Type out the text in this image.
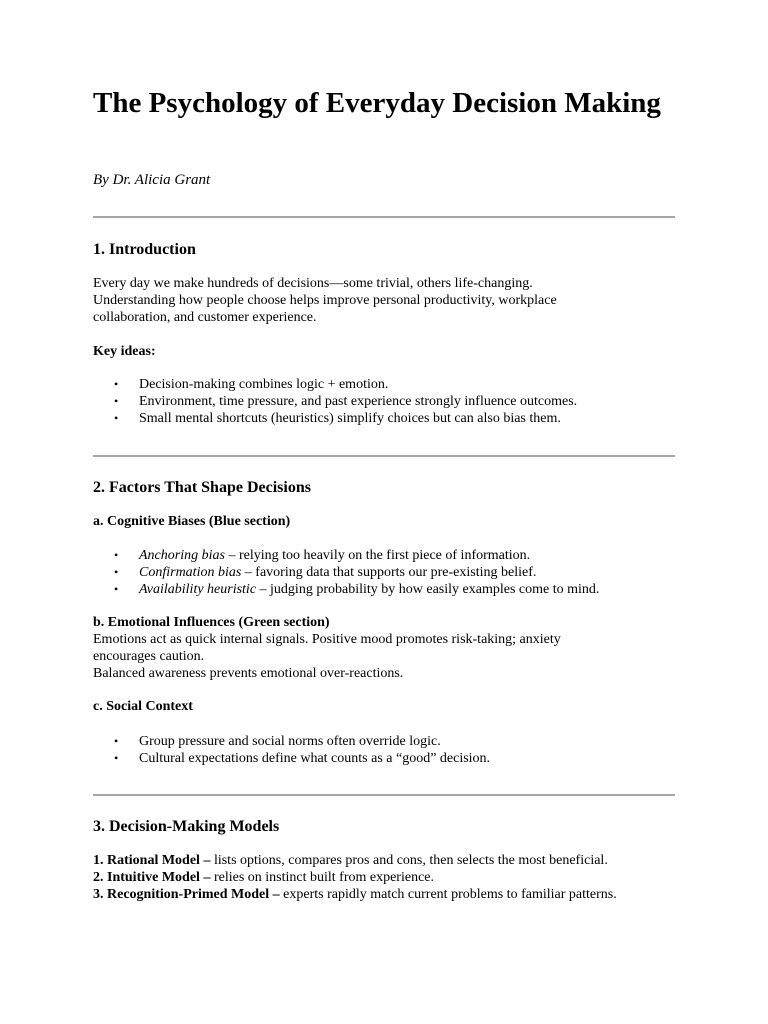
The Psychology of Everyday Decision Making

By Dr. Alicia Grant

1. Introduction

Every day we make hundreds of decisions—some trivial, others life-changing.
Understanding how people choose helps improve personal productivity, workplace
collaboration, and customer experience.

Key ideas:
• Decision-making combines logic + emotion.
• Environment, time pressure, and past experience strongly influence outcomes.
• Small mental shortcuts (heuristics) simplify choices but can also bias them.
2. Factors That Shape Decisions
a. Cognitive Biases (Blue section)
• Anchoring bias – relying too heavily on the first piece of information.
• Confirmation bias – favoring data that supports our pre-existing belief.
• Availability heuristic – judging probability by how easily examples come to mind.
b. Emotional Influences (Green section)

Emotions act as quick internal signals. Positive mood promotes risk-taking; anxiety
encourages caution.
Balanced awareness prevents emotional over-reactions.

c. Social Context
• Group pressure and social norms often override logic.
• Cultural expectations define what counts as a “good” decision.
3. Decision-Making Models

1. Rational Model – lists options, compares pros and cons, then selects the most beneficial.
2. Intuitive Model – relies on instinct built from experience.
3. Recognition-Primed Model – experts rapidly match current problems to familiar patterns.
